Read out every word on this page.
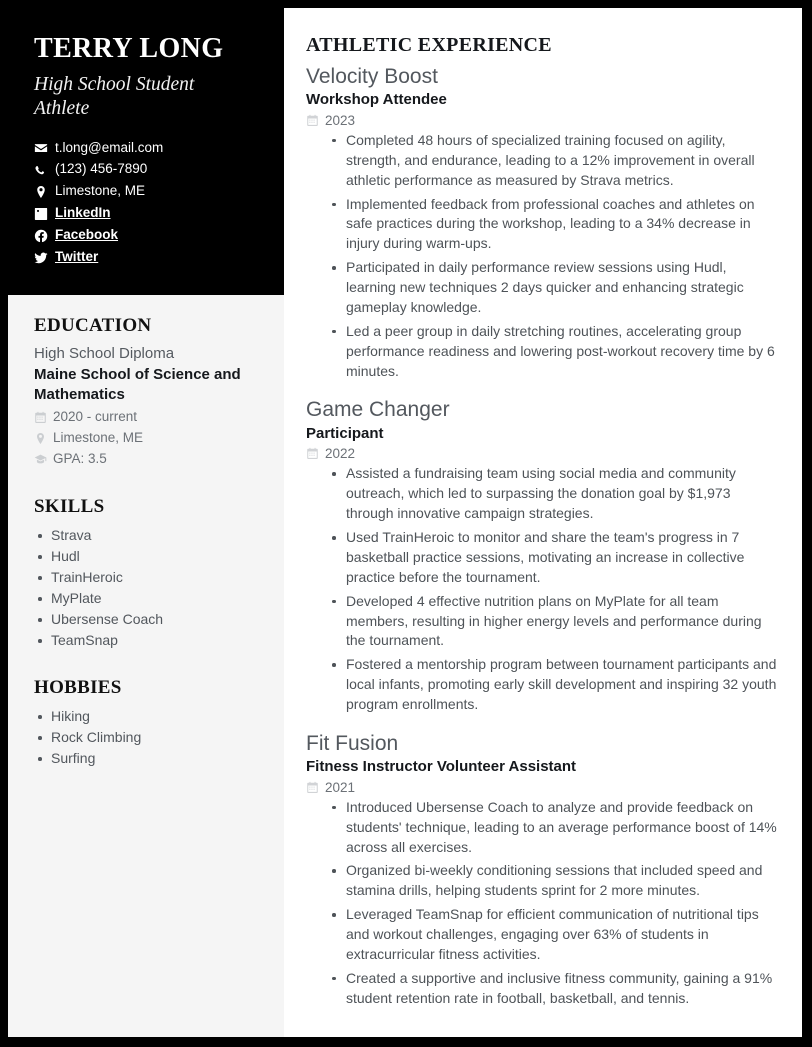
TERRY LONG
High School Student Athlete
t.long@email.com
(123) 456-7890
Limestone, ME
LinkedIn
Facebook
Twitter
EDUCATION
High School Diploma
Maine School of Science and Mathematics
2020 - current
Limestone, ME
GPA: 3.5
SKILLS
Strava
Hudl
TrainHeroic
MyPlate
Ubersense Coach
TeamSnap
HOBBIES
Hiking
Rock Climbing
Surfing
ATHLETIC EXPERIENCE
Velocity Boost
Workshop Attendee
2023
Completed 48 hours of specialized training focused on agility, strength, and endurance, leading to a 12% improvement in overall athletic performance as measured by Strava metrics.
Implemented feedback from professional coaches and athletes on safe practices during the workshop, leading to a 34% decrease in injury during warm-ups.
Participated in daily performance review sessions using Hudl, learning new techniques 2 days quicker and enhancing strategic gameplay knowledge.
Led a peer group in daily stretching routines, accelerating group performance readiness and lowering post-workout recovery time by 6 minutes.
Game Changer
Participant
2022
Assisted a fundraising team using social media and community outreach, which led to surpassing the donation goal by $1,973 through innovative campaign strategies.
Used TrainHeroic to monitor and share the team's progress in 7 basketball practice sessions, motivating an increase in collective practice before the tournament.
Developed 4 effective nutrition plans on MyPlate for all team members, resulting in higher energy levels and performance during the tournament.
Fostered a mentorship program between tournament participants and local infants, promoting early skill development and inspiring 32 youth program enrollments.
Fit Fusion
Fitness Instructor Volunteer Assistant
2021
Introduced Ubersense Coach to analyze and provide feedback on students' technique, leading to an average performance boost of 14% across all exercises.
Organized bi-weekly conditioning sessions that included speed and stamina drills, helping students sprint for 2 more minutes.
Leveraged TeamSnap for efficient communication of nutritional tips and workout challenges, engaging over 63% of students in extracurricular fitness activities.
Created a supportive and inclusive fitness community, gaining a 91% student retention rate in football, basketball, and tennis.
